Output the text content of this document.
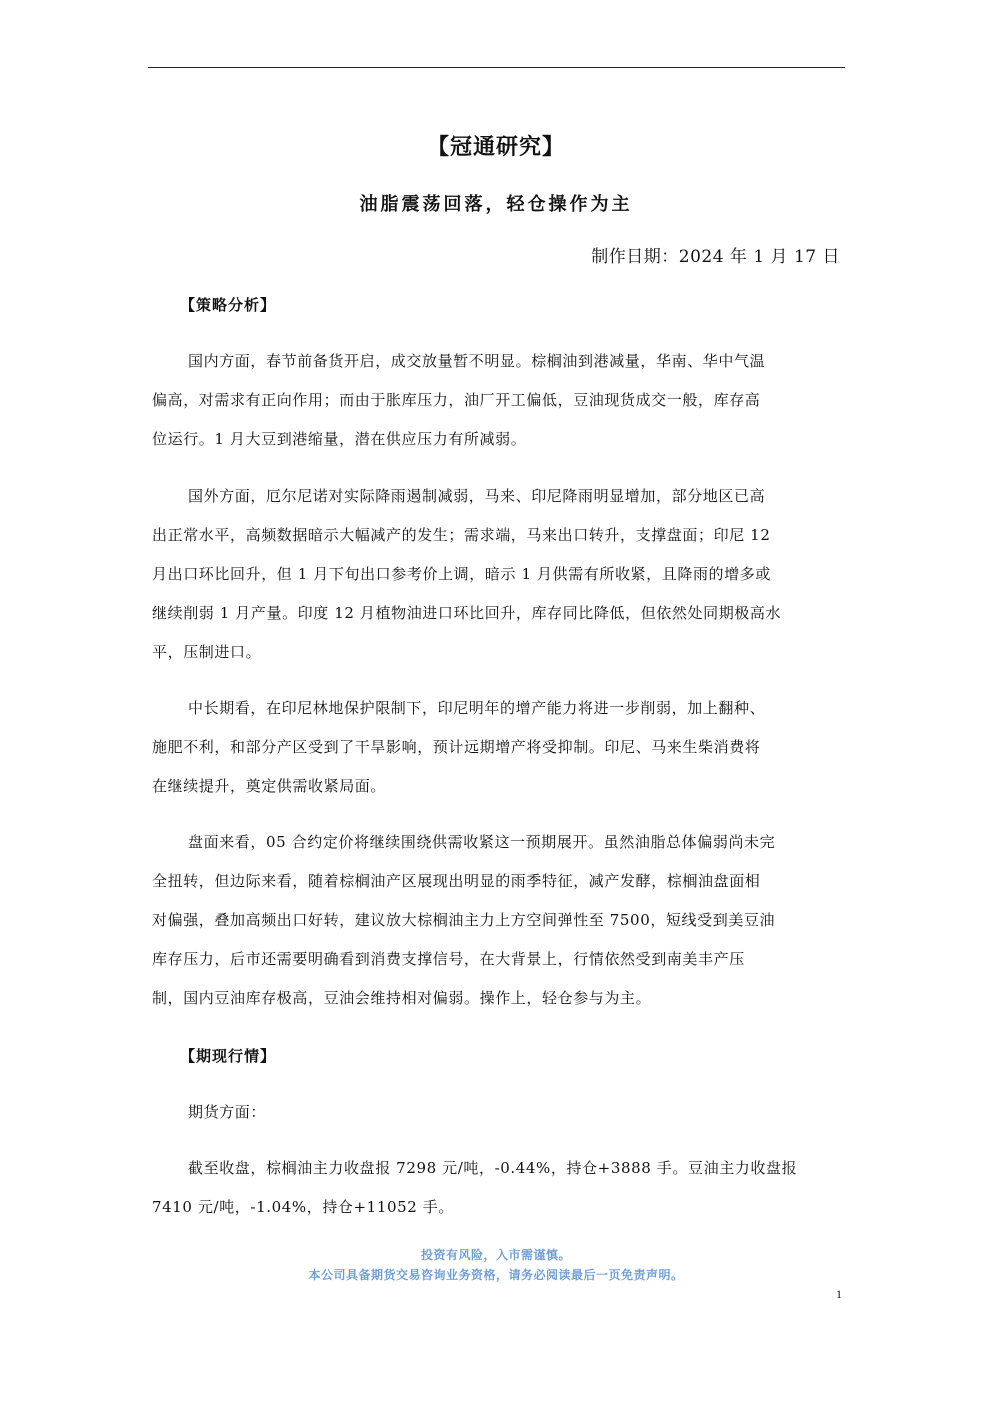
【冠通研究】
油脂震荡回落，轻仓操作为主
制作日期：2024 年 1 月 17 日
【策略分析】

国内方面，春节前备货开启，成交放量暂不明显。棕榈油到港减量，华南、华中气温
偏高，对需求有正向作用；而由于胀库压力，油厂开工偏低，豆油现货成交一般，库存高
位运行。1 月大豆到港缩量，潜在供应压力有所减弱。

国外方面，厄尔尼诺对实际降雨遏制减弱，马来、印尼降雨明显增加，部分地区已高
出正常水平，高频数据暗示大幅减产的发生；需求端，马来出口转升，支撑盘面；印尼 12
月出口环比回升，但 1 月下旬出口参考价上调，暗示 1 月供需有所收紧，且降雨的增多或
继续削弱 1 月产量。印度 12 月植物油进口环比回升，库存同比降低，但依然处同期极高水
平，压制进口。

中长期看，在印尼林地保护限制下，印尼明年的增产能力将进一步削弱，加上翻种、
施肥不利，和部分产区受到了干旱影响，预计远期增产将受抑制。印尼、马来生柴消费将
在继续提升，奠定供需收紧局面。

盘面来看，05 合约定价将继续围绕供需收紧这一预期展开。虽然油脂总体偏弱尚未完
全扭转，但边际来看，随着棕榈油产区展现出明显的雨季特征，减产发酵，棕榈油盘面相
对偏强，叠加高频出口好转，建议放大棕榈油主力上方空间弹性至 7500，短线受到美豆油
库存压力，后市还需要明确看到消费支撑信号，在大背景上，行情依然受到南美丰产压
制，国内豆油库存极高，豆油会维持相对偏弱。操作上，轻仓参与为主。

【期现行情】

期货方面：

截至收盘，棕榈油主力收盘报 7298 元/吨，-0.44%，持仓+3888 手。豆油主力收盘报
7410 元/吨，-1.04%，持仓+11052 手。

投资有风险，入市需谨慎。
本公司具备期货交易咨询业务资格，请务必阅读最后一页免责声明。
1
